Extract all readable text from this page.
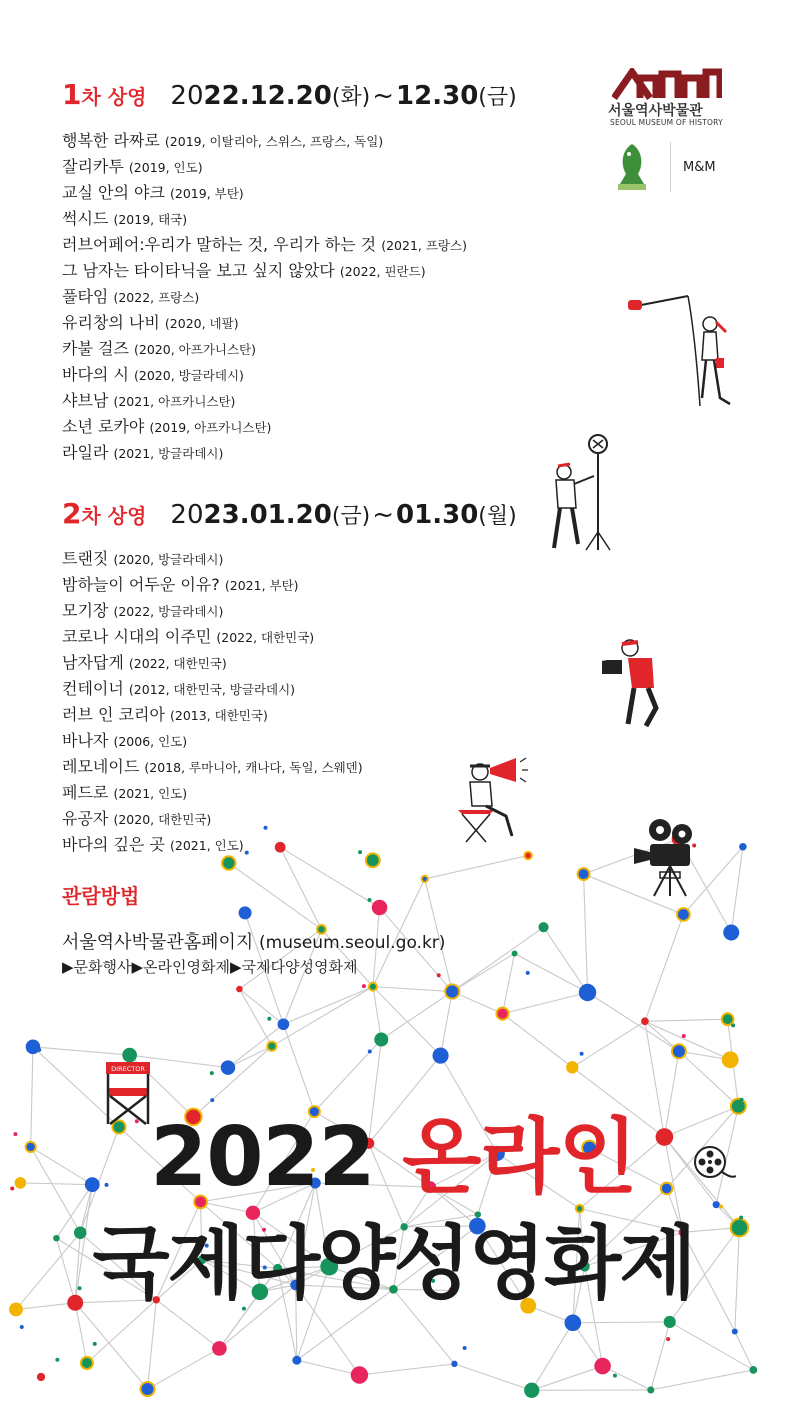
1차 상영 2022.12.20(화)~12.30(금)
행복한 라짜로 (2019, 이탈리아, 스위스, 프랑스, 독일)
잘리카투 (2019, 인도)
교실 안의 야크 (2019, 부탄)
썩시드 (2019, 태국)
러브어페어:우리가 말하는 것, 우리가 하는 것 (2021, 프랑스)
그 남자는 타이타닉을 보고 싶지 않았다 (2022, 핀란드)
풀타임 (2022, 프랑스)
유리창의 나비 (2020, 네팔)
카불 걸즈 (2020, 아프가니스탄)
바다의 시 (2020, 방글라데시)
샤브남 (2021, 아프카니스탄)
소년 로카야 (2019, 아프카니스탄)
라일라 (2021, 방글라데시)
2차 상영 2023.01.20(금)~01.30(월)
트랜짓 (2020, 방글라데시)
밤하늘이 어두운 이유? (2021, 부탄)
모기장 (2022, 방글라데시)
코로나 시대의 이주민 (2022, 대한민국)
남자답게 (2022, 대한민국)
컨테이너 (2012, 대한민국, 방글라데시)
러브 인 코리아 (2013, 대한민국)
바나자 (2006, 인도)
레모네이드 (2018, 루마니아, 캐나다, 독일, 스웨덴)
페드로 (2021, 인도)
유공자 (2020, 대한민국)
바다의 깊은 곳 (2021, 인도)
관람방법
서울역사박물관홈페이지 (museum.seoul.go.kr)
▶문화행사▶온라인영화제▶국제다양성영화제
2022 온라인
국제다양성영화제
서울역사박물관
SEOUL MUSEUM OF HISTORY
M&M
DIRECTOR
